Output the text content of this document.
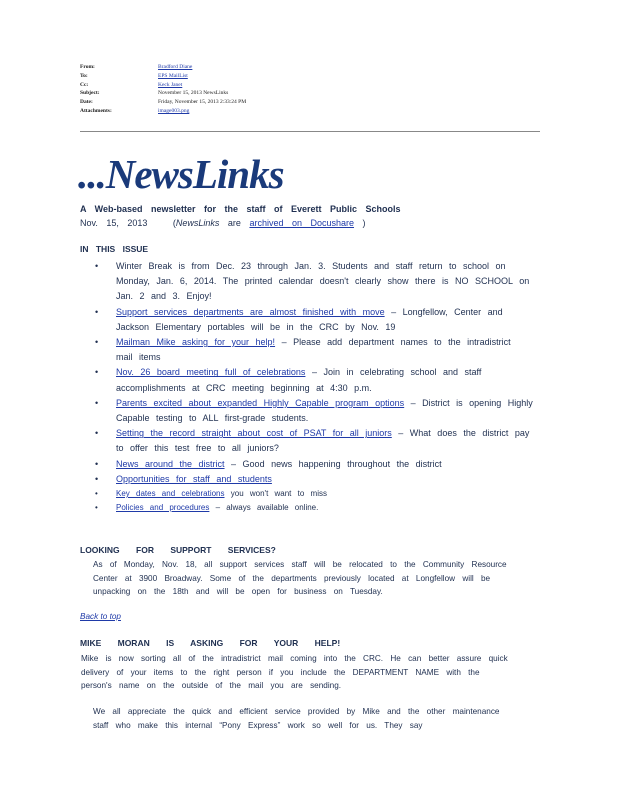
From:	Bradford Diane
To:	EPS MailList
Cc:	Keck Janet
Subject:	November 15, 2013 NewsLinks
Date:	Friday, November 15, 2013 2:33:24 PM
Attachments:	image003.png
...NewsLinks
A Web-based newsletter for the staff of Everett Public Schools
Nov. 15, 2013	(NewsLinks are archived on Docushare )
IN THIS ISSUE
• Winter Break is from Dec. 23 through Jan. 3. Students and staff return to school on Monday, Jan. 6, 2014. The printed calendar doesn't clearly show there is NO SCHOOL on Jan. 2 and 3. Enjoy!
• Support services departments are almost finished with move – Longfellow, Center and Jackson Elementary portables will be in the CRC by Nov. 19
• Mailman Mike asking for your help! – Please add department names to the intradistrict mail items
• Nov. 26 board meeting full of celebrations – Join in celebrating school and staff accomplishments at CRC meeting beginning at 4:30 p.m.
• Parents excited about expanded Highly Capable program options – District is opening Highly Capable testing to ALL first-grade students.
• Setting the record straight about cost of PSAT for all juniors – What does the district pay to offer this test free to all juniors?
• News around the district – Good news happening throughout the district
• Opportunities for staff and students
• Key dates and celebrations you won't want to miss
• Policies and procedures – always available online.
LOOKING FOR SUPPORT SERVICES?
As of Monday, Nov. 18, all support services staff will be relocated to the Community Resource Center at 3900 Broadway. Some of the departments previously located at Longfellow will be unpacking on the 18th and will be open for business on Tuesday.
Back to top
MIKE MORAN IS ASKING FOR YOUR HELP!
Mike is now sorting all of the intradistrict mail coming into the CRC. He can better assure quick delivery of your items to the right person if you include the DEPARTMENT NAME with the person's name on the outside of the mail you are sending.
We all appreciate the quick and efficient service provided by Mike and the other maintenance staff who make this internal “Pony Express” work so well for us. They say
